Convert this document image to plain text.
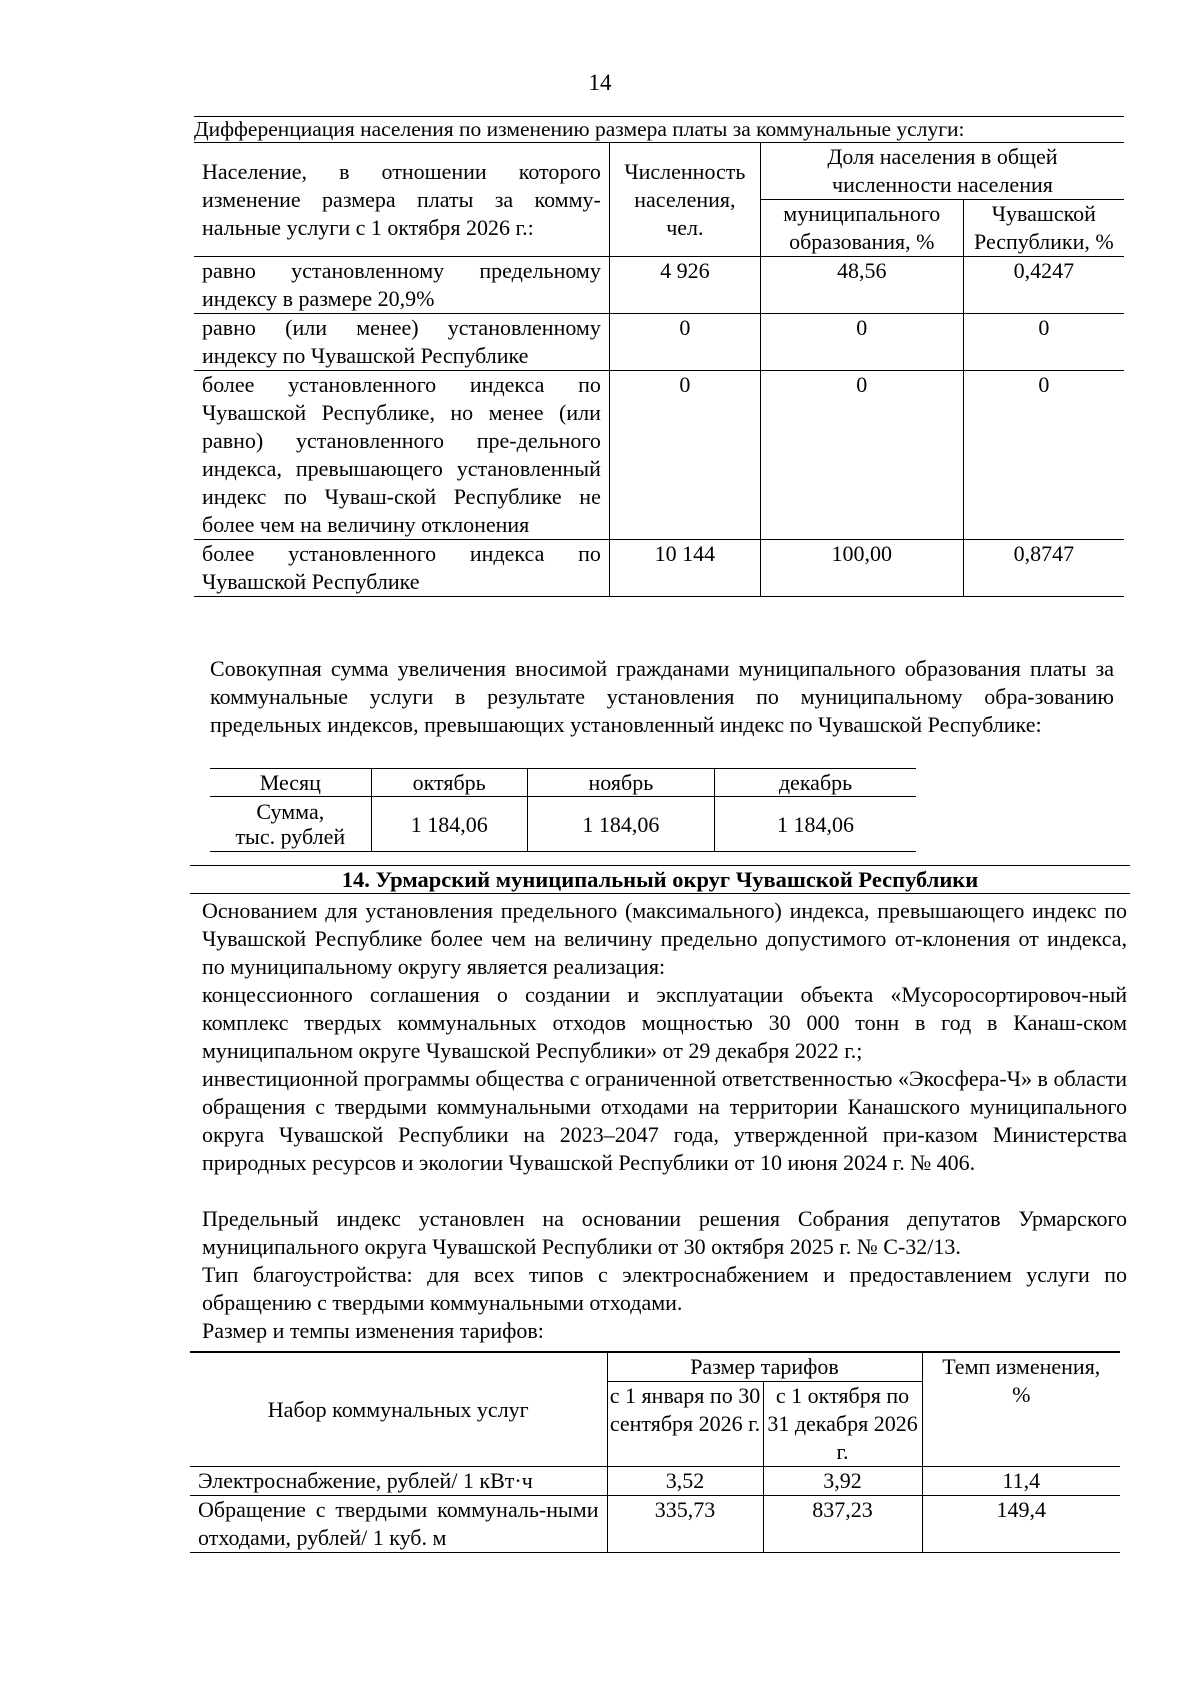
14
Дифференциация населения по изменению размера платы за коммунальные услуги:			
Население, в отношении которого изменение размера платы за комму-нальные услуги с 1 октября 2026 г.:	Численность населения, чел.	Доля населения в общей численности населения	
		муниципального образования, %	Чувашской Республики, %
равно установленному предельному индексу в размере 20,9%	4 926	48,56	0,4247
равно (или менее) установленному индексу по Чувашской Республике	0	0	0
более установленного индекса по Чувашской Республике, но менее (или равно) установленного пре-дельного индекса, превышающего установленный индекс по Чуваш-ской Республике не более чем на величину отклонения	0	0	0
более установленного индекса по Чувашской Республике	10 144	100,00	0,8747
Совокупная сумма увеличения вносимой гражданами муниципального образования платы за коммунальные услуги в результате установления по муниципальному обра-зованию предельных индексов, превышающих установленный индекс по Чувашской Республике:
Месяц	октябрь	ноябрь	декабрь

Сумма,
тыс. рублей	1 184,06	1 184,06	1 184,06
14. Урмарский муниципальный округ Чувашской Республики
Основанием для установления предельного (максимального) индекса, превышающего индекс по Чувашской Республике более чем на величину предельно допустимого от-клонения от индекса, по муниципальному округу является реализация:
концессионного соглашения о создании и эксплуатации объекта «Мусоросортировоч-ный комплекс твердых коммунальных отходов мощностью 30 000 тонн в год в Канаш-ском муниципальном округе Чувашской Республики» от 29 декабря 2022 г.;
инвестиционной программы общества с ограниченной ответственностью «Экосфера-Ч» в области обращения с твердыми коммунальными отходами на территории Канашского муниципального округа Чувашской Республики на 2023–2047 года, утвержденной при-казом Министерства природных ресурсов и экологии Чувашской Республики от 10 июня 2024 г. № 406.
Предельный индекс установлен на основании решения Собрания депутатов Урмарского муниципального округа Чувашской Республики от 30 октября 2025 г. № С-32/13.
Тип благоустройства: для всех типов с электроснабжением и предоставлением услуги по обращению с твердыми коммунальными отходами.
Размер и темпы изменения тарифов:
Набор коммунальных услуг	Размер тарифов		Темп изменения, %
	с 1 января по 30 сентября 2026 г.	с 1 октября по 31 декабря 2026 г.	
Электроснабжение, рублей/ 1 кВт·ч	3,52	3,92	11,4
Обращение с твердыми коммуналь-ными отходами, рублей/ 1 куб. м	335,73	837,23	149,4
